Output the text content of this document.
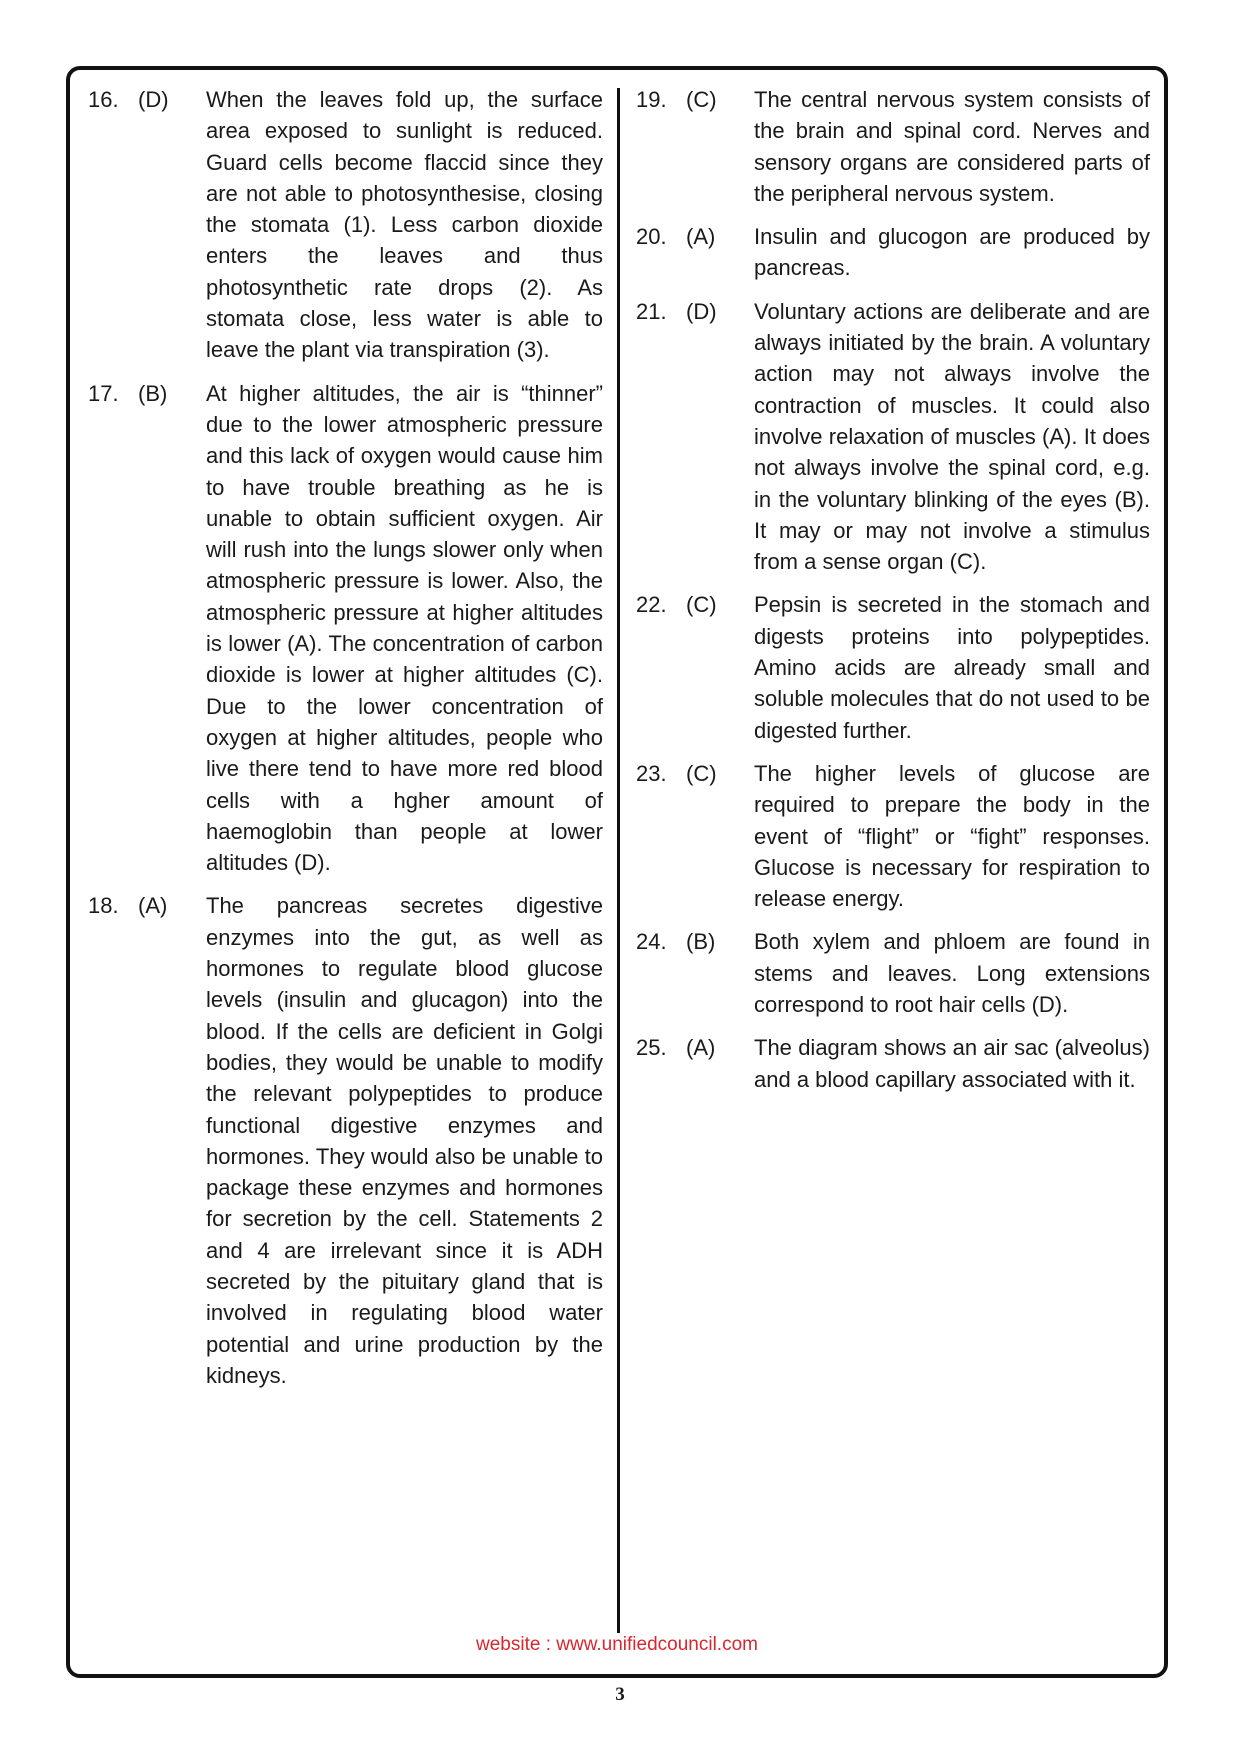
16. (D)	When the leaves fold up, the surface area exposed to sunlight is reduced. Guard cells become flaccid since they are not able to photosynthesise, closing the stomata (1). Less carbon dioxide enters the leaves and thus photosynthetic rate drops (2). As stomata close, less water is able to leave the plant via transpiration (3).
17. (B)	At higher altitudes, the air is “thinner” due to the lower atmospheric pressure and this lack of oxygen would cause him to have trouble breathing as he is unable to obtain sufficient oxygen. Air will rush into the lungs slower only when atmospheric pressure is lower. Also, the atmospheric pressure at higher altitudes is lower (A). The concentration of carbon dioxide is lower at higher altitudes (C). Due to the lower concentration of oxygen at higher altitudes, people who live there tend to have more red blood cells with a hgher amount of haemoglobin than people at lower altitudes (D).
18. (A)	The pancreas secretes digestive enzymes into the gut, as well as hormones to regulate blood glucose levels (insulin and glucagon) into the blood. If the cells are deficient in Golgi bodies, they would be unable to modify the relevant polypeptides to produce functional digestive enzymes and hormones. They would also be unable to package these enzymes and hormones for secretion by the cell. Statements 2 and 4 are irrelevant since it is ADH secreted by the pituitary gland that is involved in regulating blood water potential and urine production by the kidneys.
19. (C)	The central nervous system consists of the brain and spinal cord. Nerves and sensory organs are considered parts of the peripheral nervous system.
20. (A)	Insulin and glucogon are produced by pancreas.
21. (D)	Voluntary actions are deliberate and are always initiated by the brain. A voluntary action may not always involve the contraction of muscles. It could also involve relaxation of muscles (A). It does not always involve the spinal cord, e.g. in the voluntary blinking of the eyes (B). It may or may not involve a stimulus from a sense organ (C).
22. (C)	Pepsin is secreted in the stomach and digests proteins into polypeptides. Amino acids are already small and soluble molecules that do not used to be digested further.
23. (C)	The higher levels of glucose are required to prepare the body in the event of “flight” or “fight” responses. Glucose is necessary for respiration to release energy.
24. (B)	Both xylem and phloem are found in stems and leaves. Long extensions correspond to root hair cells (D).
25. (A)	The diagram shows an air sac (alveolus) and a blood capillary associated with it.
website : www.unifiedcouncil.com
3
